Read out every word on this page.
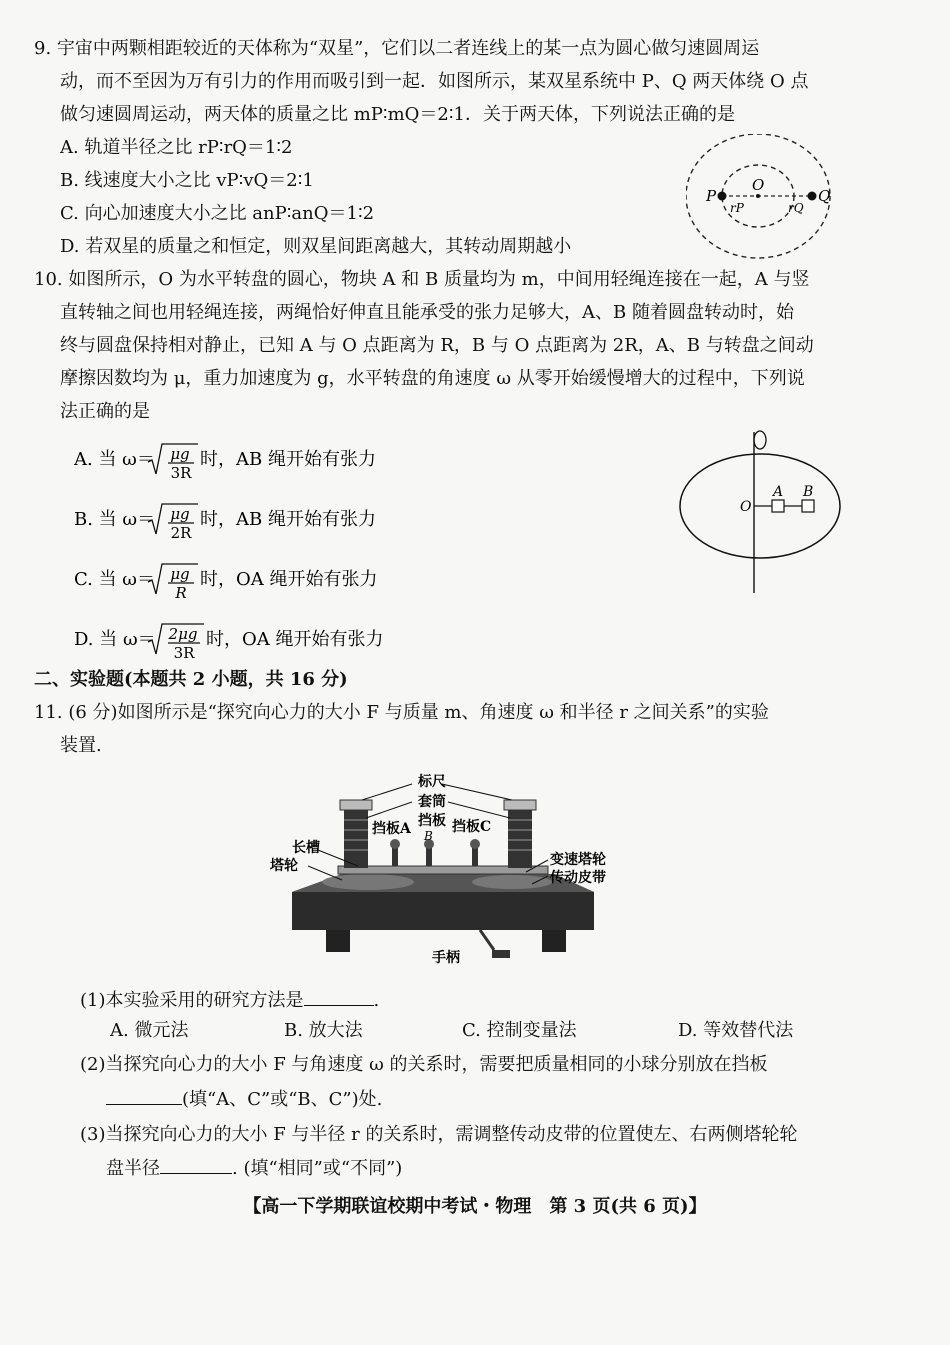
9. 宇宙中两颗相距较近的天体称为“双星”，它们以二者连线上的某一点为圆心做匀速圆周运
动，而不至因为万有引力的作用而吸引到一起．如图所示，某双星系统中 P、Q 两天体绕 O 点
做匀速圆周运动，两天体的质量之比 mP∶mQ＝2∶1．关于两天体，下列说法正确的是
A. 轨道半径之比 rP∶rQ＝1∶2
B. 线速度大小之比 vP∶vQ＝2∶1
C. 向心加速度大小之比 anP∶anQ＝1∶2
D. 若双星的质量之和恒定，则双星间距离越大，其转动周期越小
P	Q
O
rP	rQ
10. 如图所示，O 为水平转盘的圆心，物块 A 和 B 质量均为 m，中间用轻绳连接在一起，A 与竖
直转轴之间也用轻绳连接，两绳恰好伸直且能承受的张力足够大，A、B 随着圆盘转动时，始
终与圆盘保持相对静止，已知 A 与 O 点距离为 R，B 与 O 点距离为 2R，A、B 与转盘之间动
摩擦因数均为 μ，重力加速度为 g，水平转盘的角速度 ω 从零开始缓慢增大的过程中，下列说
法正确的是
A. 当 ω＝ μg
3R
时，AB 绳开始有张力
B. 当 ω＝ μg
2R
时，AB 绳开始有张力
C. 当 ω＝ μg
R
时，OA 绳开始有张力
D. 当 ω＝ 2μg
3R
时，OA 绳开始有张力
O
A B
二、实验题(本题共 2 小题，共 16 分)
11. (6 分)如图所示是“探究向心力的大小 F 与质量 m、角速度 ω 和半径 r 之间关系”的实验
装置.
标尺
套筒
挡板
B
挡板A	挡板C
长槽
塔轮	变速塔轮
传动皮带
手柄
(1)本实验采用的研究方法是	.
A. 微元法	B. 放大法	C. 控制变量法	D. 等效替代法
(2)当探究向心力的大小 F 与角速度 ω 的关系时，需要把质量相同的小球分别放在挡板
(填“A、C”或“B、C”)处.
(3)当探究向心力的大小 F 与半径 r 的关系时，需调整传动皮带的位置使左、右两侧塔轮轮
盘半径	. (填“相同”或“不同”)
【高一下学期联谊校期中考试・物理　第 3 页(共 6 页)】
